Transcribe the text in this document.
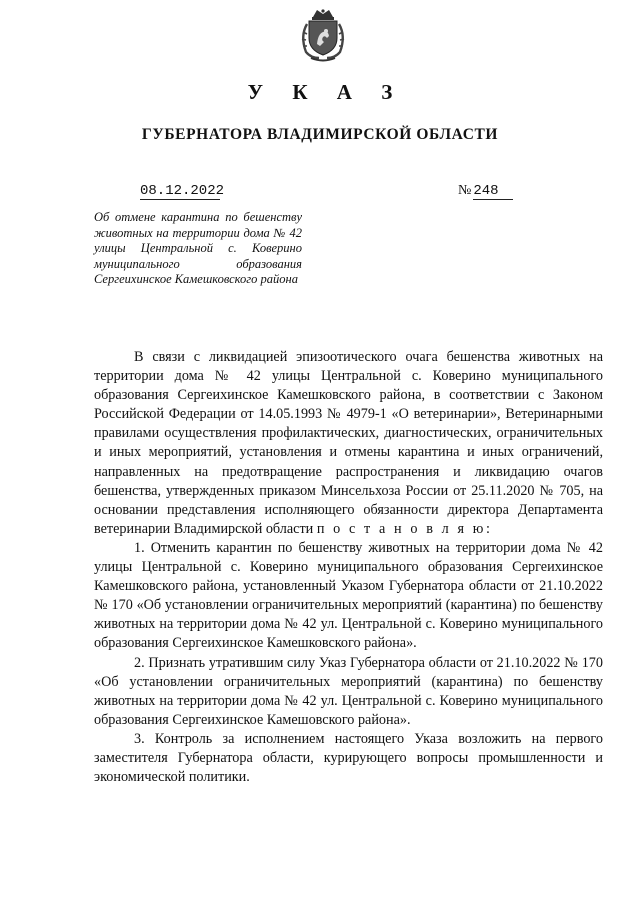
У К А З
ГУБЕРНАТОРА ВЛАДИМИРСКОЙ ОБЛАСТИ
08.12.2022	№ 248
Об отмене карантина по бешенству животных на территории дома № 42 улицы Центральной с. Коверино муниципального образования Сергеихинское Камешковского района

В связи с ликвидацией эпизоотического очага бешенства животных на территории дома № 42 улицы Центральной с. Коверино муниципального образования Сергеихинское Камешковского района, в соответствии с Законом Российской Федерации от 14.05.1993 № 4979-1 «О ветеринарии», Ветеринарными правилами осуществления профилактических, диагностических, ограничительных и иных мероприятий, установления и отмены карантина и иных ограничений, направленных на предотвращение распространения и ликвидацию очагов бешенства, утвержденных приказом Минсельхоза России от 25.11.2020 № 705, на основании представления исполняющего обязанности директора Департамента ветеринарии Владимирской области п о с т а н о в л я ю:

1. Отменить карантин по бешенству животных на территории дома № 42 улицы Центральной с. Коверино муниципального образования Сергеихинское Камешковского района, установленный Указом Губернатора области от 21.10.2022 № 170 «Об установлении ограничительных мероприятий (карантина) по бешенству животных на территории дома № 42 ул. Центральной с. Коверино муниципального образования Сергеихинское Камешковского района».

2. Признать утратившим силу Указ Губернатора области от 21.10.2022 № 170 «Об установлении ограничительных мероприятий (карантина) по бешенству животных на территории дома № 42 ул. Центральной с. Коверино муниципального образования Сергеихинское Камешовского района».

3. Контроль за исполнением настоящего Указа возложить на первого заместителя Губернатора области, курирующего вопросы промышленности и экономической политики.
